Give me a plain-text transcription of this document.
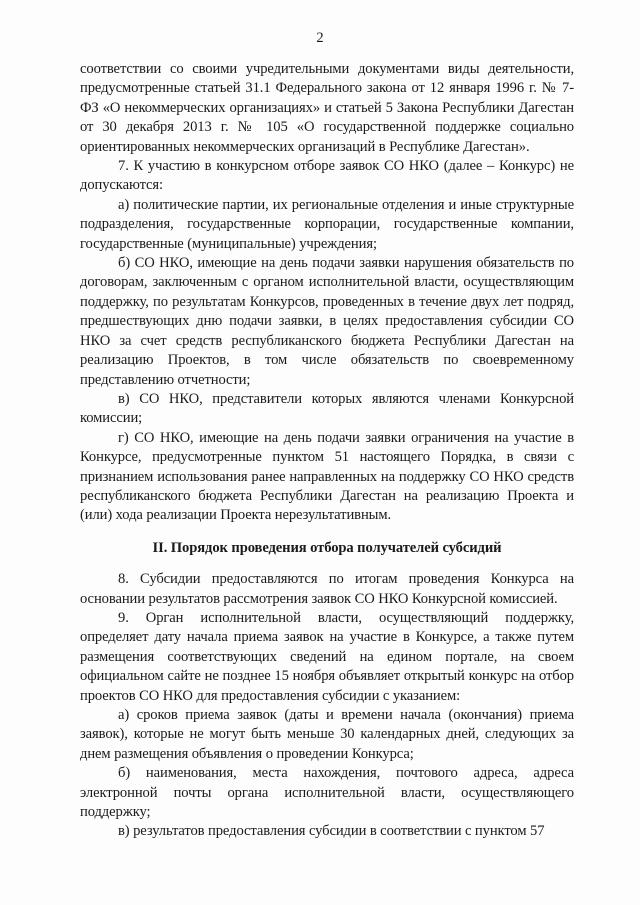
2

соответствии со своими учредительными документами виды деятельности, предусмотренные статьей 31.1 Федерального закона от 12 января 1996 г. № 7-ФЗ «О некоммерческих организациях» и статьей 5 Закона Республики Дагестан от 30 декабря 2013 г. № 105 «О государственной поддержке социально ориентированных некоммерческих организаций в Республике Дагестан».

7. К участию в конкурсном отборе заявок СО НКО (далее – Конкурс) не допускаются:

а) политические партии, их региональные отделения и иные структурные подразделения, государственные корпорации, государственные компании, государственные (муниципальные) учреждения;

б) СО НКО, имеющие на день подачи заявки нарушения обязательств по договорам, заключенным с органом исполнительной власти, осуществляющим поддержку, по результатам Конкурсов, проведенных в течение двух лет подряд, предшествующих дню подачи заявки, в целях предоставления субсидии СО НКО за счет средств республиканского бюджета Республики Дагестан на реализацию Проектов, в том числе обязательств по своевременному представлению отчетности;

в) СО НКО, представители которых являются членами Конкурсной комиссии;

г) СО НКО, имеющие на день подачи заявки ограничения на участие в Конкурсе, предусмотренные пунктом 51 настоящего Порядка, в связи с признанием использования ранее направленных на поддержку СО НКО средств республиканского бюджета Республики Дагестан на реализацию Проекта и (или) хода реализации Проекта нерезультативным.

II. Порядок проведения отбора получателей субсидий

8. Субсидии предоставляются по итогам проведения Конкурса на основании результатов рассмотрения заявок СО НКО Конкурсной комиссией.

9. Орган исполнительной власти, осуществляющий поддержку, определяет дату начала приема заявок на участие в Конкурсе, а также путем размещения соответствующих сведений на едином портале, на своем официальном сайте не позднее 15 ноября объявляет открытый конкурс на отбор проектов СО НКО для предоставления субсидии с указанием:

а) сроков приема заявок (даты и времени начала (окончания) приема заявок), которые не могут быть меньше 30 календарных дней, следующих за днем размещения объявления о проведении Конкурса;

б) наименования, места нахождения, почтового адреса, адреса электронной почты органа исполнительной власти, осуществляющего поддержку;

в) результатов предоставления субсидии в соответствии с пунктом 57
